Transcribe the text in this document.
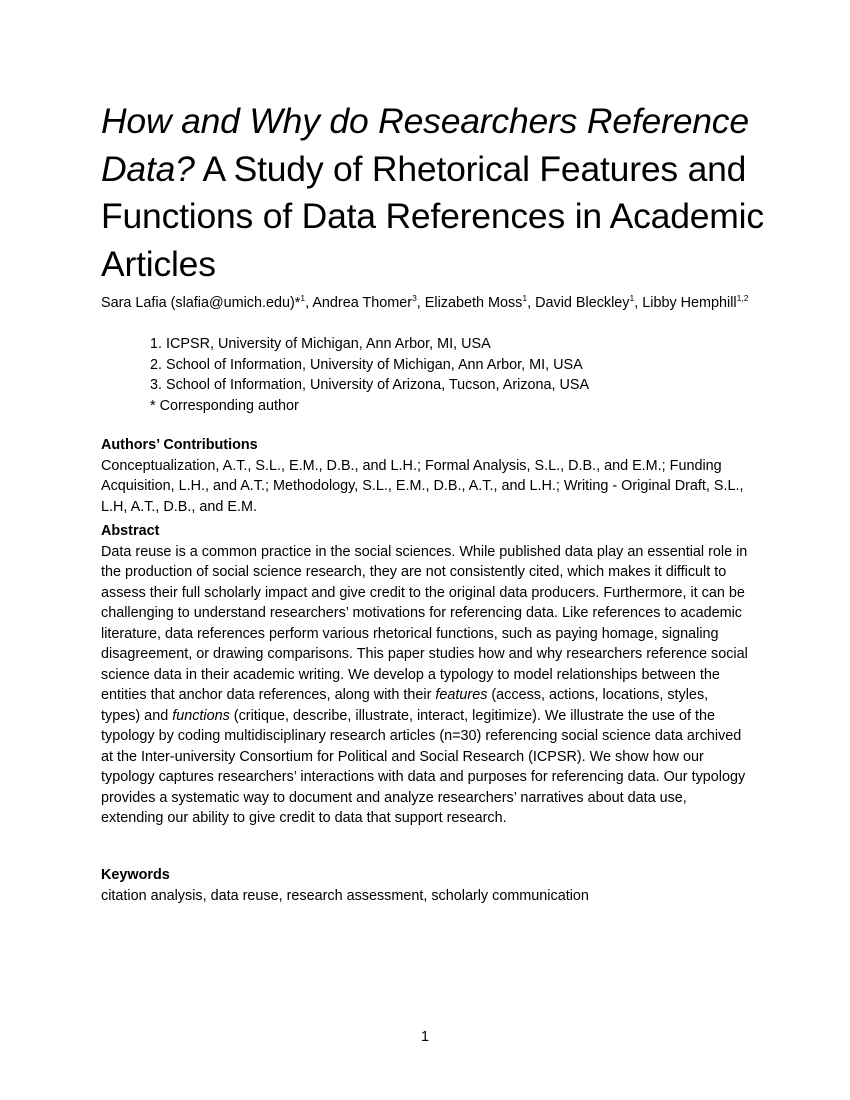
How and Why do Researchers Reference Data? A Study of Rhetorical Features and Functions of Data References in Academic Articles
Sara Lafia (slafia@umich.edu)*$^1$, Andrea Thomer$^3$, Elizabeth Moss$^1$, David Bleckley$^1$, Libby Hemphill$^{1,2}$
1. ICPSR, University of Michigan, Ann Arbor, MI, USA
2. School of Information, University of Michigan, Ann Arbor, MI, USA
3. School of Information, University of Arizona, Tucson, Arizona, USA
* Corresponding author

Authors’ Contributions

Conceptualization, A.T., S.L., E.M., D.B., and L.H.; Formal Analysis, S.L., D.B., and E.M.; Funding Acquisition, L.H., and A.T.; Methodology, S.L., E.M., D.B., A.T., and L.H.; Writing - Original Draft, S.L., L.H, A.T., D.B., and E.M.

Abstract

Data reuse is a common practice in the social sciences. While published data play an essential role in the production of social science research, they are not consistently cited, which makes it difficult to assess their full scholarly impact and give credit to the original data producers. Furthermore, it can be challenging to understand researchers’ motivations for referencing data. Like references to academic literature, data references perform various rhetorical functions, such as paying homage, signaling disagreement, or drawing comparisons. This paper studies how and why researchers reference social science data in their academic writing. We develop a typology to model relationships between the entities that anchor data references, along with their features (access, actions, locations, styles, types) and functions (critique, describe, illustrate, interact, legitimize). We illustrate the use of the typology by coding multidisciplinary research articles (n=30) referencing social science data archived at the Inter-university Consortium for Political and Social Research (ICPSR). We show how our typology captures researchers’ interactions with data and purposes for referencing data. Our typology provides a systematic way to document and analyze researchers’ narratives about data use, extending our ability to give credit to data that support research.

Keywords

citation analysis, data reuse, research assessment, scholarly communication

1
